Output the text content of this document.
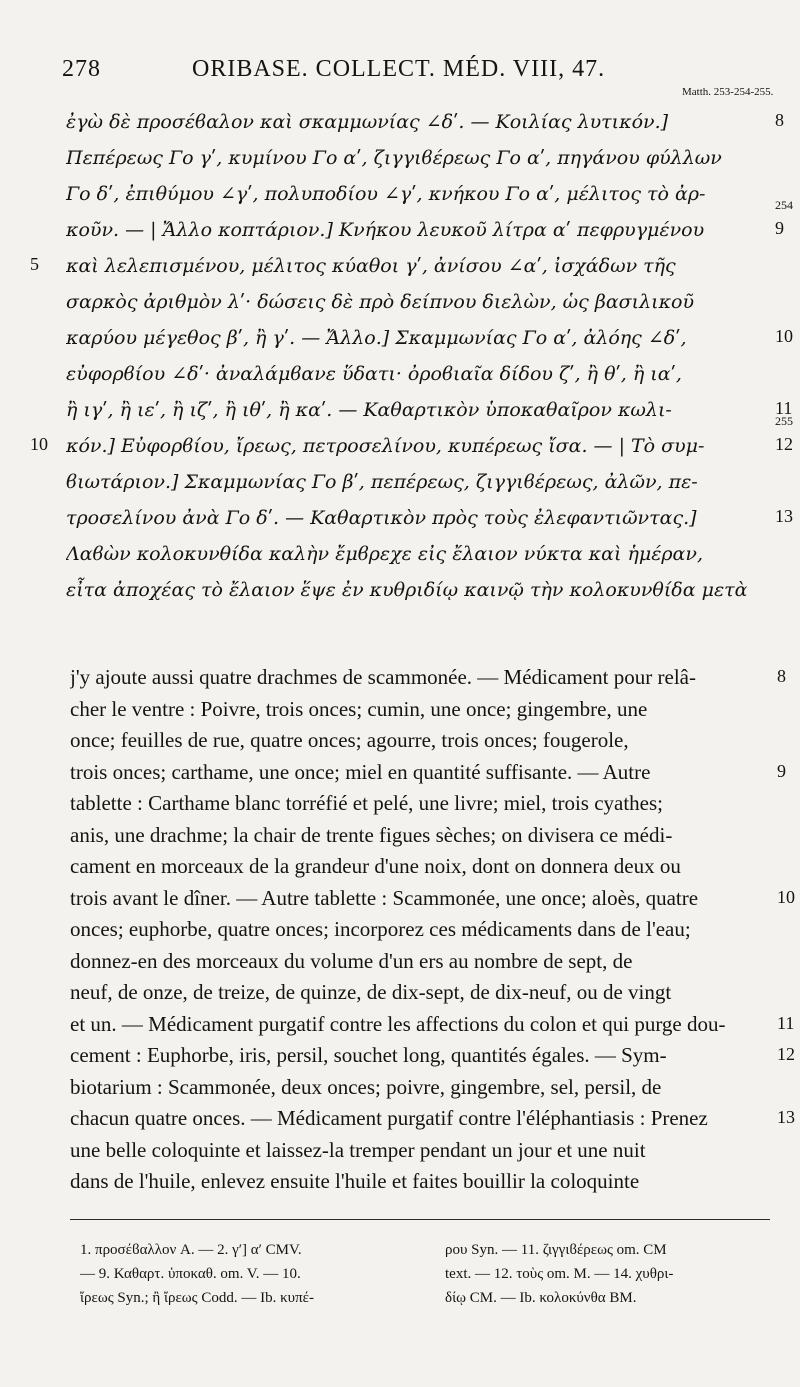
278	ORIBASE. COLLECT. MÉD. VIII, 47.
Matth. 253-254-255.
ἐγὼ δὲ προσέϐαλον καὶ σκαμμωνίας ∠δʹ. — Κοιλίας λυτικόν.]
Πεπέρεως Γο γʹ, κυμίνου Γο αʹ, ζιγγιϐέρεως Γο αʹ, πηγάνου φύλλων
Γο δʹ, ἐπιθύμου ∠γʹ, πολυποδίου ∠γʹ, κνήκου Γο αʹ, μέλιτος τὸ ἀρ-
κοῦν. — | Ἄλλο κοπτάριον.] Κνήκου λευκοῦ λίτρα αʹ πεφρυγμένου
καὶ λελεπισμένου, μέλιτος κύαθοι γʹ, ἀνίσου ∠αʹ, ἰσχάδων τῆς
σαρκὸς ἀριθμὸν λʹ· δώσεις δὲ πρὸ δείπνου διελὼν, ὡς βασιλικοῦ
καρύου μέγεθος βʹ, ἢ γʹ. — Ἄλλο.] Σκαμμωνίας Γο αʹ, ἀλόης ∠δʹ,
εὐφορϐίου ∠δʹ· ἀναλάμϐανε ὕδατι· ὀροϐιαῖα δίδου ζʹ, ἢ θʹ, ἢ ιαʹ,
ἢ ιγʹ, ἢ ιεʹ, ἢ ιζʹ, ἢ ιθʹ, ἢ καʹ. — Καθαρτικὸν ὑποκαθαῖρον κωλι-
κόν.] Εὐφορϐίου, ἴρεως, πετροσελίνου, κυπέρεως ἴσα. — | Τὸ συμ-
ϐιωτάριον.] Σκαμμωνίας Γο βʹ, πεπέρεως, ζιγγιϐέρεως, ἀλῶν, πε-
τροσελίνου ἀνὰ Γο δʹ. — Καθαρτικὸν πρὸς τοὺς ἐλεφαντιῶντας.]
Λαϐὼν κολοκυνθίδα καλὴν ἔμϐρεχε εἰς ἔλαιον νύκτα καὶ ἡμέραν,
εἶτα ἀποχέας τὸ ἔλαιον ἕψε ἐν κυθριδίῳ καινῷ τὴν κολοκυνθίδα μετὰ
5
10
8
254
9
10
11
255
12
13
j'y ajoute aussi quatre drachmes de scammonée. — Médicament pour relâ-
cher le ventre : Poivre, trois onces; cumin, une once; gingembre, une
once; feuilles de rue, quatre onces; agourre, trois onces; fougerole,
trois onces; carthame, une once; miel en quantité suffisante. — Autre
tablette : Carthame blanc torréfié et pelé, une livre; miel, trois cyathes;
anis, une drachme; la chair de trente figues sèches; on divisera ce médi-
cament en morceaux de la grandeur d'une noix, dont on donnera deux ou
trois avant le dîner. — Autre tablette : Scammonée, une once; aloès, quatre
onces; euphorbe, quatre onces; incorporez ces médicaments dans de l'eau;
donnez-en des morceaux du volume d'un ers au nombre de sept, de
neuf, de onze, de treize, de quinze, de dix-sept, de dix-neuf, ou de vingt
et un. — Médicament purgatif contre les affections du colon et qui purge dou-
cement : Euphorbe, iris, persil, souchet long, quantités égales. — Sym-
biotarium : Scammonée, deux onces; poivre, gingembre, sel, persil, de
chacun quatre onces. — Médicament purgatif contre l'éléphantiasis : Prenez
une belle coloquinte et laissez-la tremper pendant un jour et une nuit
dans de l'huile, enlevez ensuite l'huile et faites bouillir la coloquinte
8
9
10
11
12
13
1. προσέϐαλλον A. — 2. γʹ] αʹ CMV.
— 9. Καθαρτ. ὑποκαθ. om. V. — 10.
ἴρεως Syn.; ἢ ἴρεως Codd. — Ib. κυπέ-
ρου Syn. — 11. ζιγγιϐέρεως om. CM
text. — 12. τοὺς om. M. — 14. χυθρι-
δίῳ CM. — Ib. κολοκύνθα BM.
